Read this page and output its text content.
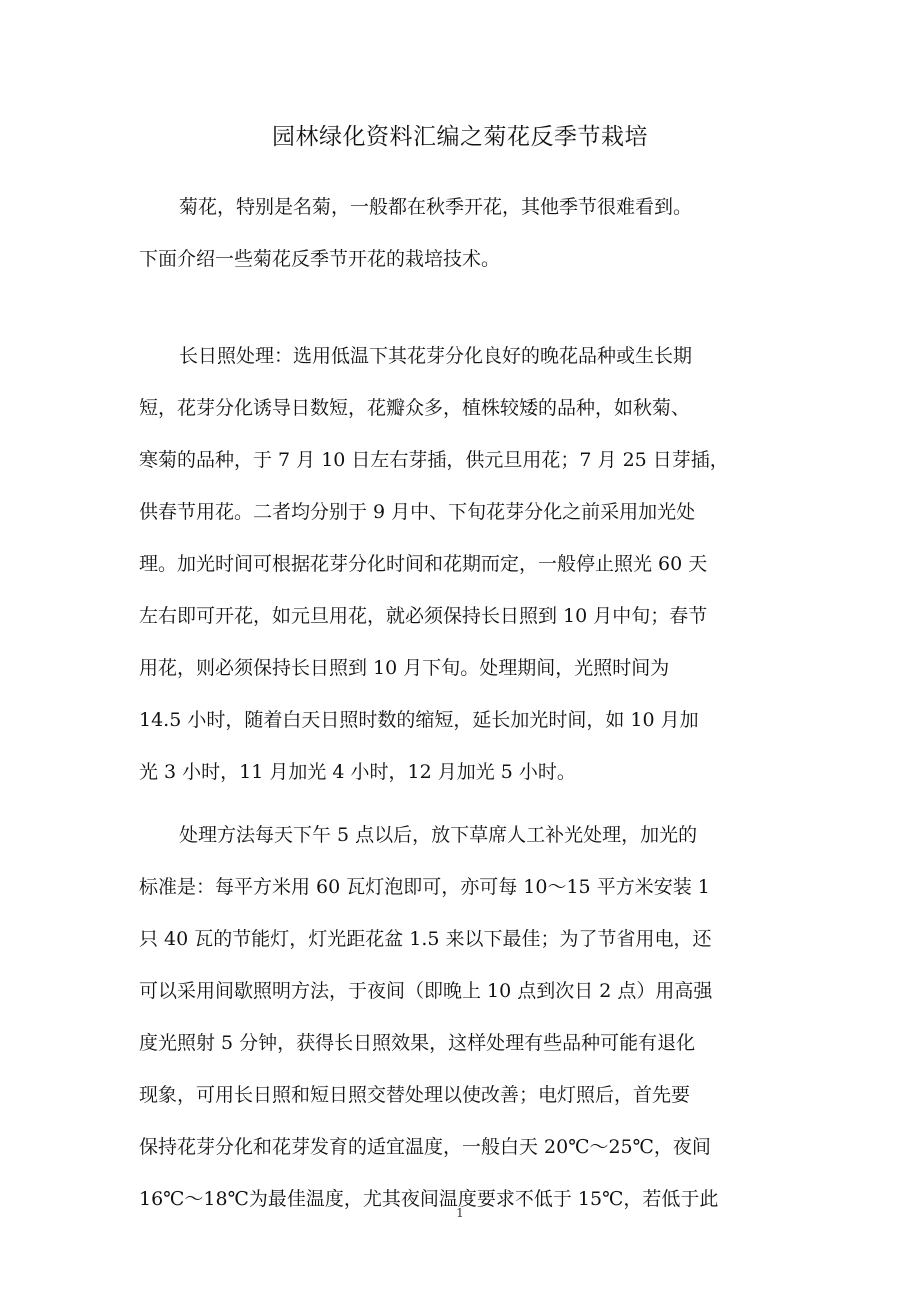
园林绿化资料汇编之菊花反季节栽培
菊花，特别是名菊，一般都在秋季开花，其他季节很难看到。
下面介绍一些菊花反季节开花的栽培技术。
长日照处理：选用低温下其花芽分化良好的晚花品种或生长期
短，花芽分化诱导日数短，花瓣众多，植株较矮的品种，如秋菊、
寒菊的品种，于 7 月 10 日左右芽插，供元旦用花；7 月 25 日芽插，
供春节用花。二者均分别于 9 月中、下旬花芽分化之前采用加光处
理。加光时间可根据花芽分化时间和花期而定，一般停止照光 60 天
左右即可开花，如元旦用花，就必须保持长日照到 10 月中旬；春节
用花，则必须保持长日照到 10 月下旬。处理期间，光照时间为
14.5 小时，随着白天日照时数的缩短，延长加光时间，如 10 月加
光 3 小时，11 月加光 4 小时，12 月加光 5 小时。
处理方法每天下午 5 点以后，放下草席人工补光处理，加光的
标准是：每平方米用 60 瓦灯泡即可，亦可每 10～15 平方米安装 1
只 40 瓦的节能灯，灯光距花盆 1.5 来以下最佳；为了节省用电，还
可以采用间歇照明方法，于夜间（即晚上 10 点到次日 2 点）用高强
度光照射 5 分钟，获得长日照效果，这样处理有些品种可能有退化
现象，可用长日照和短日照交替处理以使改善；电灯照后，首先要
保持花芽分化和花芽发育的适宜温度，一般白天 20℃～25℃，夜间
16℃～18℃为最佳温度，尤其夜间温度要求不低于 15℃，若低于此
1
